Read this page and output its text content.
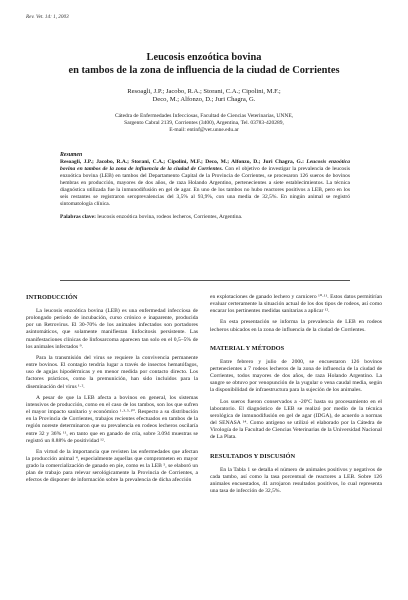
Rev. Vet. 14: 1, 2003

Leucosis enzoótica bovina
en tambos de la zona de influencia de la ciudad de Corrientes

Resoagli, J.P.; Jacobo, R.A.; Storani, C.A.; Cipolini, M.F.;
Deco, M.; Alfonzo, D.; Juri Chagra, G.
Cátedra de Enfermedades Infecciosas, Facultad de Ciencias Veterinarias, UNNE,
Sargento Cabral 2139, Corrientes (3400), Argentina, Tel. 03783-420289,
E-mail: entinf@vet.unne.edu.ar
Resumen

Resoagli, J.P.; Jacobo, R.A.; Storani, C.A.; Cipolini, M.F.; Deco, M.; Alfonzo, D.; Juri Chagra, G.: Leucosis enzoótica bovina en tambos de la zona de influencia de la ciudad de Corrientes. Con el objetivo de investigar la prevalencia de leucosis enzoótica bovina (LEB) en tambos del Departamento Capital de la Provincia de Corrientes, se procesaron 126 sueros de bovinos hembras en producción, mayores de dos años, de raza Holando Argentino, pertenecientes a siete establecimientos. La técnica diagnóstica utilizada fue la inmunodifusión en gel de agar. En uno de los tambos no hubo reactores positivos a LEB, pero en los seis restantes se registraron seroprevalencias del 3,5% al 93,9%, con una media de 32,5%. En ningún animal se registró sintomatología clínica.

Palabras clave: leucosis enzoótica bovina, rodeos lecheros, Corrientes, Argentina.
INTRODUCCIÓN

La leucosis enzoótica bovina (LEB) es una enfermedad infecciosa de prolongado período de incubación, curso crónico e inaparente, producida por un Retrovirus. El 30-70% de los animales infectados son portadores asintomáticos, que solamente manifiestan linfocitosis persistente. Las manifestaciones clínicas de linfosarcoma aparecen tan solo en el 0,5–5% de los animales infectados ⁹.

Para la transmisión del virus se requiere la convivencia permanente entre bovinos. El contagio tendría lugar a través de insectos hematófagos, uso de agujas hipodérmicas y en menor medida por contacto directo. Los factores prácticos, como la premunición, han sido incluidos para la diseminación del virus ¹·².

A pesar de que la LEB afecta a bovinos en general, los sistemas intensivos de producción, como en el caso de los tambos, son los que sufren el mayor impacto sanitario y económico ¹·³·⁵·¹⁰. Respecto a su distribución en la Provincia de Corrientes, trabajos recientes efectuados en tambos de la región noreste determinaron que su prevalencia en rodeos lecheros oscilaría entre 32 y 36% ¹¹, en tanto que en ganado de cría, sobre 3.094 muestras se registró un 8.88% de positividad ¹².

En virtud de la importancia que revisten las enfermedades que afectan la producción animal ⁴, especialmente aquellas que comprometen en mayor grado la comercialización de ganado en pie, como es la LEB ⁵, se elaboró un plan de trabajo para relevar serológicamente la Provincia de Corrientes, a efectos de disponer de información sobre la prevalencia de dicha afección

en explotaciones de ganado lechero y carnicero ¹⁰·¹¹. Estos datos permitirían evaluar certeramente la situación actual de los dos tipos de rodeos, así como encarar los pertinentes medidas sanitarias a aplicar ¹².

En esta presentación se informa la prevalencia de LEB en rodeos lecheros ubicados en la zona de influencia de la ciudad de Corrientes.

MATERIAL Y MÉTODOS

Entre febrero y julio de 2000, se encuestaron 126 bovinos pertenecientes a 7 rodeos lecheros de la zona de influencia de la ciudad de Corrientes, todos mayores de dos años, de raza Holando Argentino. La sangre se obtuvo por venopunción de la yugular o vena caudal media, según la disponibilidad de infraestructura para la sujeción de los animales.

Los sueros fueron conservados a -20ºC hasta su procesamiento en el laboratorio. El diagnóstico de LEB se realizó por medio de la técnica serológica de inmunodifusión en gel de agar (IDGA), de acuerdo a normas del SENASA ¹⁴. Como antígeno se utilizó el elaborado por la Cátedra de Virología de la Facultad de Ciencias Veterinarias de la Universidad Nacional de La Plata.

RESULTADOS Y DISCUSIÓN

En la Tabla 1 se detalla el número de animales positivos y negativos de cada tambo, así como la tasa porcentual de reactores a LEB. Sobre 126 animales encuestados, 41 arrojaron resultados positivos, lo cual representa una tasa de infección de 32,5%.
